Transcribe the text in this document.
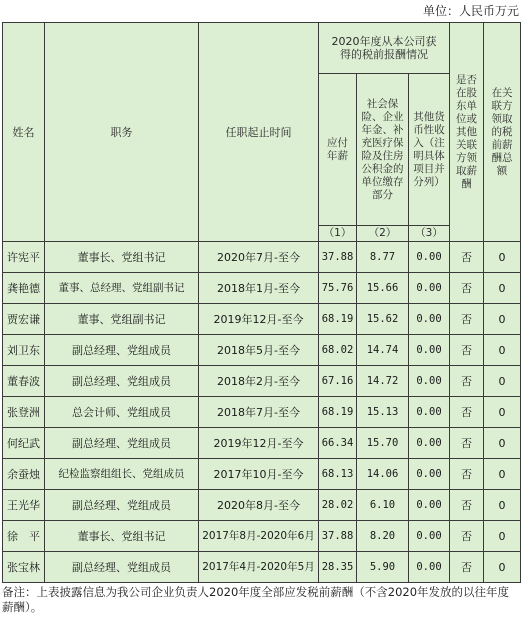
单位：人民币万元
姓名	职务	任职起止时间	2020年度从本公司获得的税前报酬情况			是否在股东单位或其他关联方领取薪酬	在关联方领取的税前薪酬总额
			应付年薪	社会保险、企业年金、补充医疗保险及住房公积金的单位缴存部分	其他货币性收入（注明具体项目并分列）		
			（1）	（2）	（3）		
许宪平	董事长、党组书记	2020年7月-至今	37.88	8.77	0.00	否	0
龚艳德	董事、总经理、党组副书记	2018年1月-至今	75.76	15.66	0.00	否	0
贾宏谦	董事、党组副书记	2019年12月-至今	68.19	15.62	0.00	否	0
刘卫东	副总经理、党组成员	2018年5月-至今	68.02	14.74	0.00	否	0
董春波	副总经理、党组成员	2018年2月-至今	67.16	14.72	0.00	否	0
张登洲	总会计师、党组成员	2018年7月-至今	68.19	15.13	0.00	否	0
何纪武	副总经理、党组成员	2019年12月-至今	66.34	15.70	0.00	否	0
余蚕烛	纪检监察组组长、党组成员	2017年10月-至今	68.13	14.06	0.00	否	0
王光华	副总经理、党组成员	2020年8月-至今	28.02	6.10	0.00	否	0
徐　平	董事长、党组书记	2017年8月-2020年6月	37.88	8.20	0.00	否	0
张宝林	副总经理、党组成员	2017年4月-2020年5月	28.35	5.90	0.00	否	0
备注：上表披露信息为我公司企业负责人2020年度全部应发税前薪酬（不含2020年发放的以往年度薪酬）。
